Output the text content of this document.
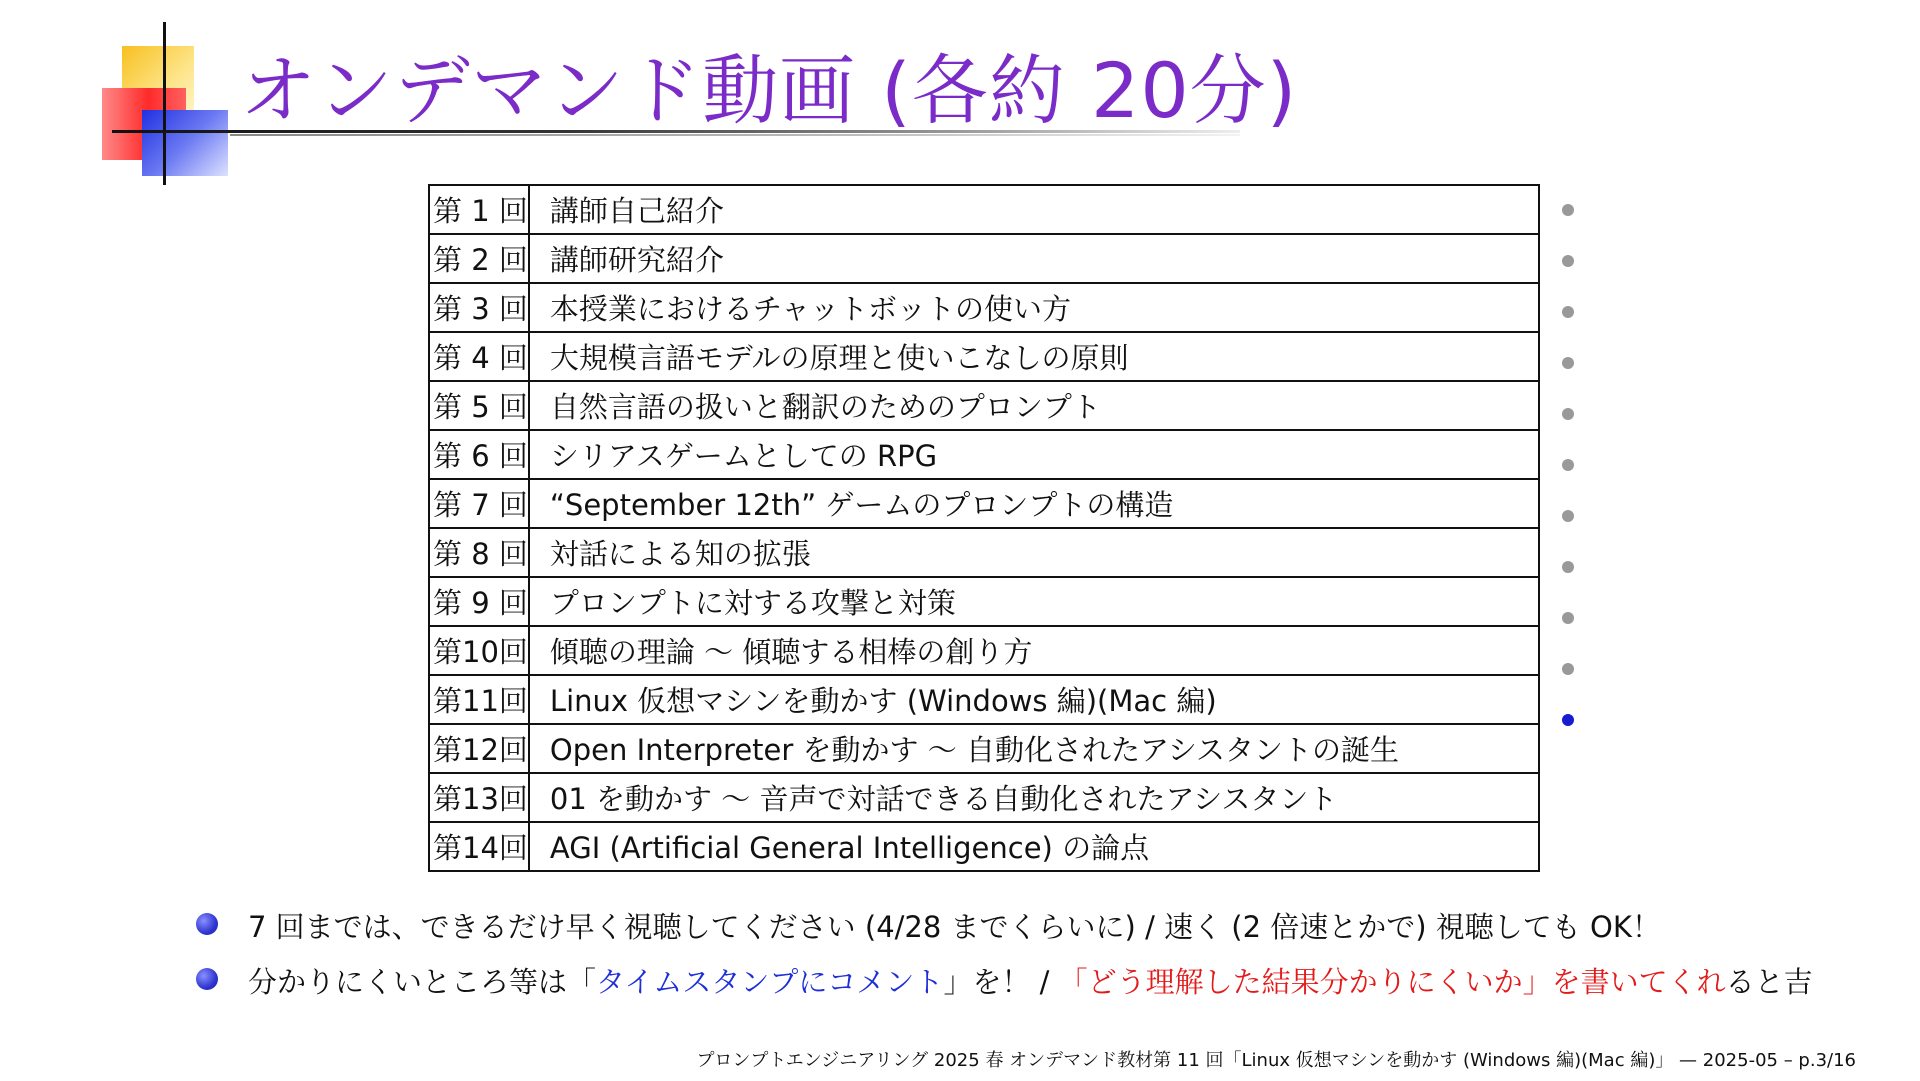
オンデマンド動画 (各約 20分)
第 1 回	講師自己紹介
第 2 回	講師研究紹介
第 3 回	本授業におけるチャットボットの使い方
第 4 回	大規模言語モデルの原理と使いこなしの原則
第 5 回	自然言語の扱いと翻訳のためのプロンプト
第 6 回	シリアスゲームとしての RPG
第 7 回	“September 12th” ゲームのプロンプトの構造
第 8 回	対話による知の拡張
第 9 回	プロンプトに対する攻撃と対策
第10回	傾聴の理論 ～ 傾聴する相棒の創り方
第11回	Linux 仮想マシンを動かす (Windows 編)(Mac 編)
第12回	Open Interpreter を動かす ～ 自動化されたアシスタントの誕生
第13回	01 を動かす ～ 音声で対話できる自動化されたアシスタント
第14回	AGI (Artificial General Intelligence) の論点
7 回までは、できるだけ早く視聴してください (4/28 までくらいに) / 速く (2 倍速とかで) 視聴しても OK！
分かりにくいところ等は「タイムスタンプにコメント」を！ / 「どう理解した結果分かりにくいか」を書いてくれると吉
プロンプトエンジニアリング 2025 春 オンデマンド教材第 11 回「Linux 仮想マシンを動かす (Windows 編)(Mac 編)」 — 2025-05 – p.3/16
